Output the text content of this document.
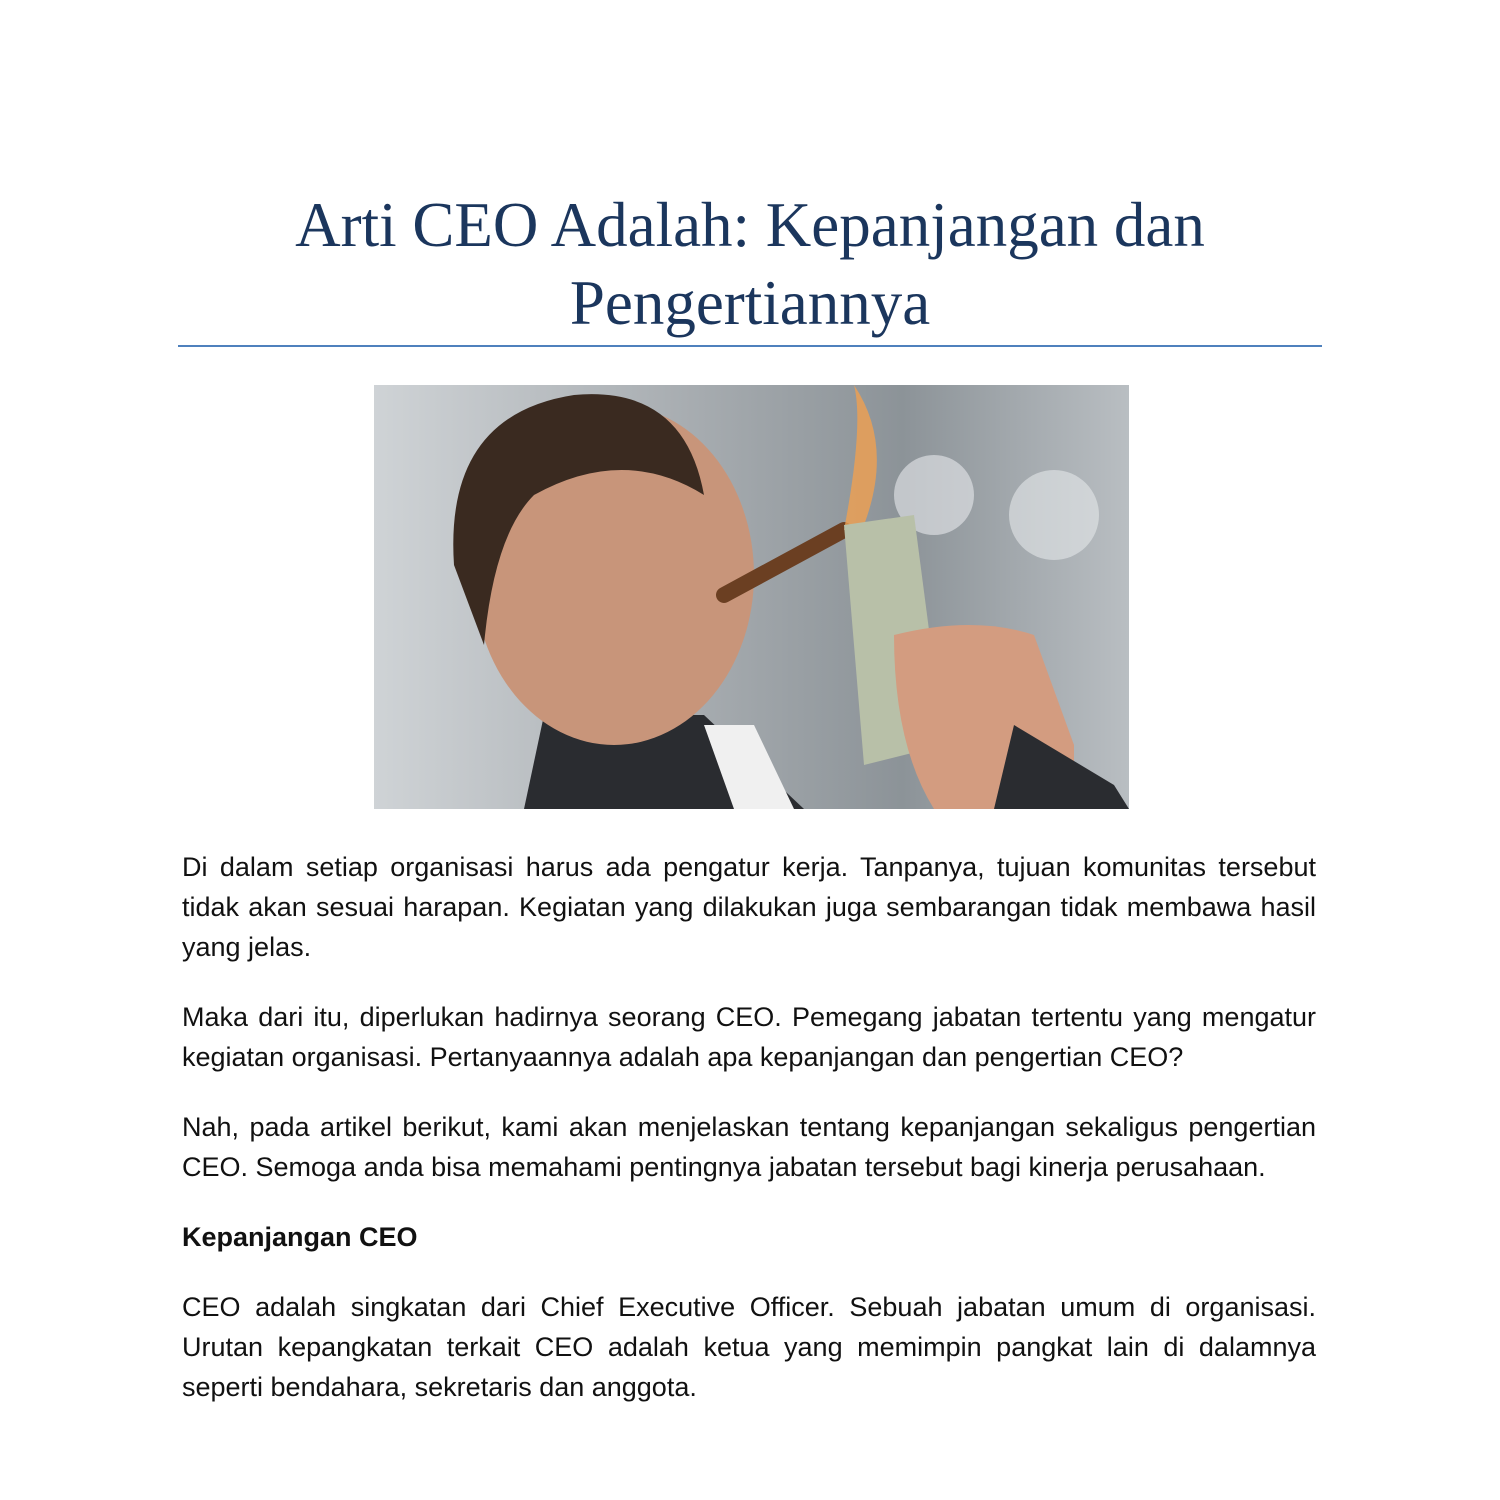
Arti CEO Adalah: Kepanjangan dan Pengertiannya

Di dalam setiap organisasi harus ada pengatur kerja. Tanpanya, tujuan komunitas tersebut tidak akan sesuai harapan. Kegiatan yang dilakukan juga sembarangan tidak membawa hasil yang jelas.

Maka dari itu, diperlukan hadirnya seorang CEO. Pemegang jabatan tertentu yang mengatur kegiatan organisasi. Pertanyaannya adalah apa kepanjangan dan pengertian CEO?

Nah, pada artikel berikut, kami akan menjelaskan tentang kepanjangan sekaligus pengertian CEO. Semoga anda bisa memahami pentingnya jabatan tersebut bagi kinerja perusahaan.

Kepanjangan CEO

CEO adalah singkatan dari Chief Executive Officer. Sebuah jabatan umum di organisasi. Urutan kepangkatan terkait CEO adalah ketua yang memimpin pangkat lain di dalamnya seperti bendahara, sekretaris dan anggota.
